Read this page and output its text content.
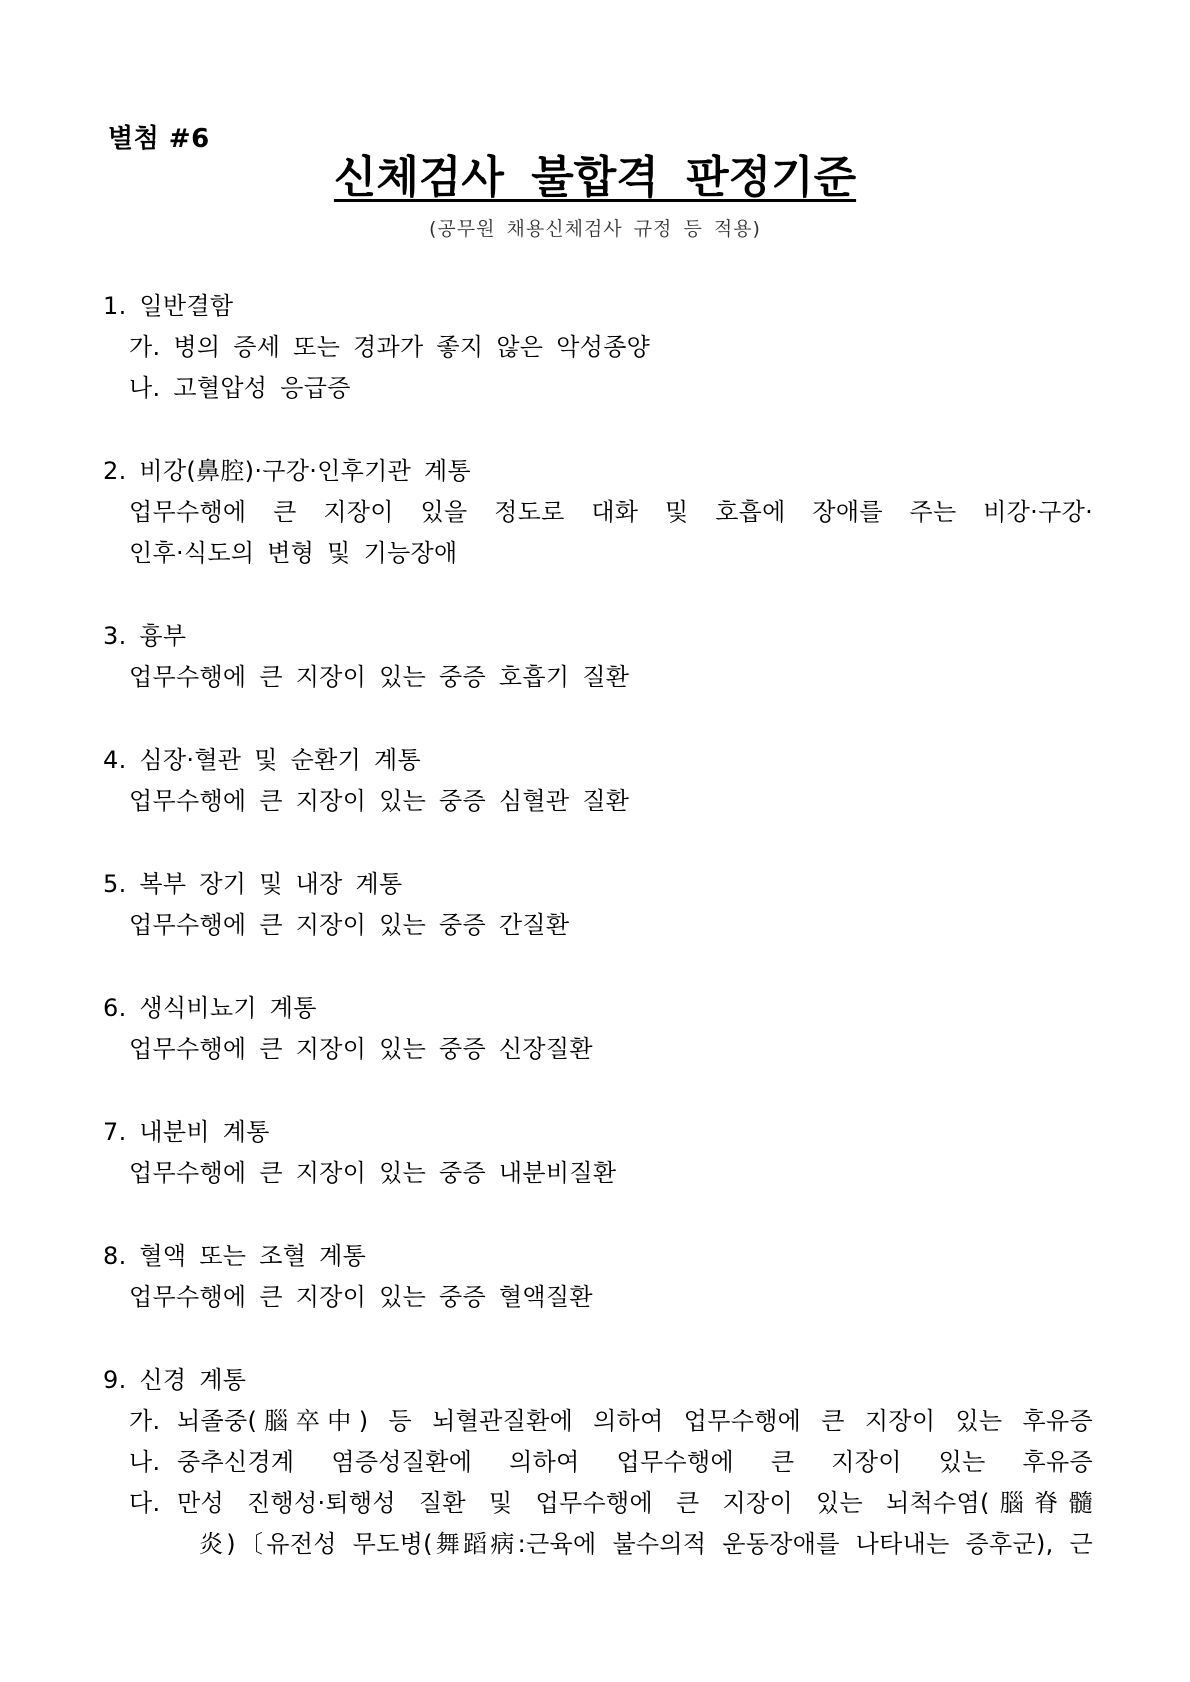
별첨 #6
신체검사 불합격 판정기준
(공무원 채용신체검사 규정 등 적용)
1. 일반결함
가. 병의 증세 또는 경과가 좋지 않은 악성종양
나. 고혈압성 응급증
2. 비강(鼻腔)·구강·인후기관 계통
업무수행에 큰 지장이 있을 정도로 대화 및 호흡에 장애를 주는 비강·구강·
인후·식도의 변형 및 기능장애
3. 흉부
업무수행에 큰 지장이 있는 중증 호흡기 질환
4. 심장·혈관 및 순환기 계통
업무수행에 큰 지장이 있는 중증 심혈관 질환
5. 복부 장기 및 내장 계통
업무수행에 큰 지장이 있는 중증 간질환
6. 생식비뇨기 계통
업무수행에 큰 지장이 있는 중증 신장질환
7. 내분비 계통
업무수행에 큰 지장이 있는 중증 내분비질환
8. 혈액 또는 조혈 계통
업무수행에 큰 지장이 있는 중증 혈액질환
9. 신경 계통
가. 뇌졸중(腦卒中) 등 뇌혈관질환에 의하여 업무수행에 큰 지장이 있는 후유증
나. 중추신경계 염증성질환에 의하여 업무수행에 큰 지장이 있는 후유증
다. 만성 진행성·퇴행성 질환 및 업무수행에 큰 지장이 있는 뇌척수염(腦脊髓
炎)〔유전성 무도병(舞蹈病:근육에 불수의적 운동장애를 나타내는 증후군), 근
